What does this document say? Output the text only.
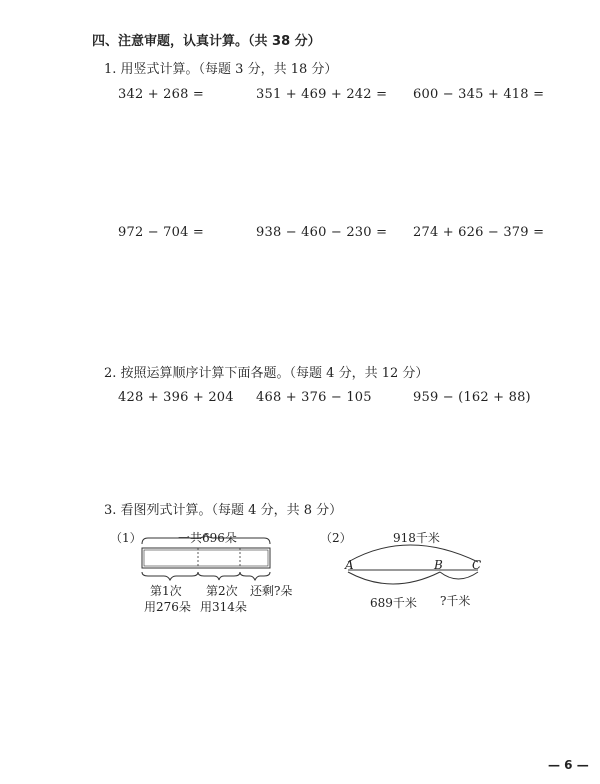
四、注意审题，认真计算。（共 38 分）
1. 用竖式计算。（每题 3 分，共 18 分）
342 + 268 =	351 + 469 + 242 = 600 − 345 + 418 =
972 − 704 =	938 − 460 − 230 = 274 + 626 − 379 =
2. 按照运算顺序计算下面各题。（每题 4 分，共 12 分）
428 + 396 + 204 468 + 376 − 105	959 − (162 + 88)
3. 看图列式计算。（每题 4 分，共 8 分）
（1）	一共696朵
第1次
用276朵
第2次
用314朵
还剩?朵
（2）	918千米
A	B C
689千米 ?千米
— 6 —
